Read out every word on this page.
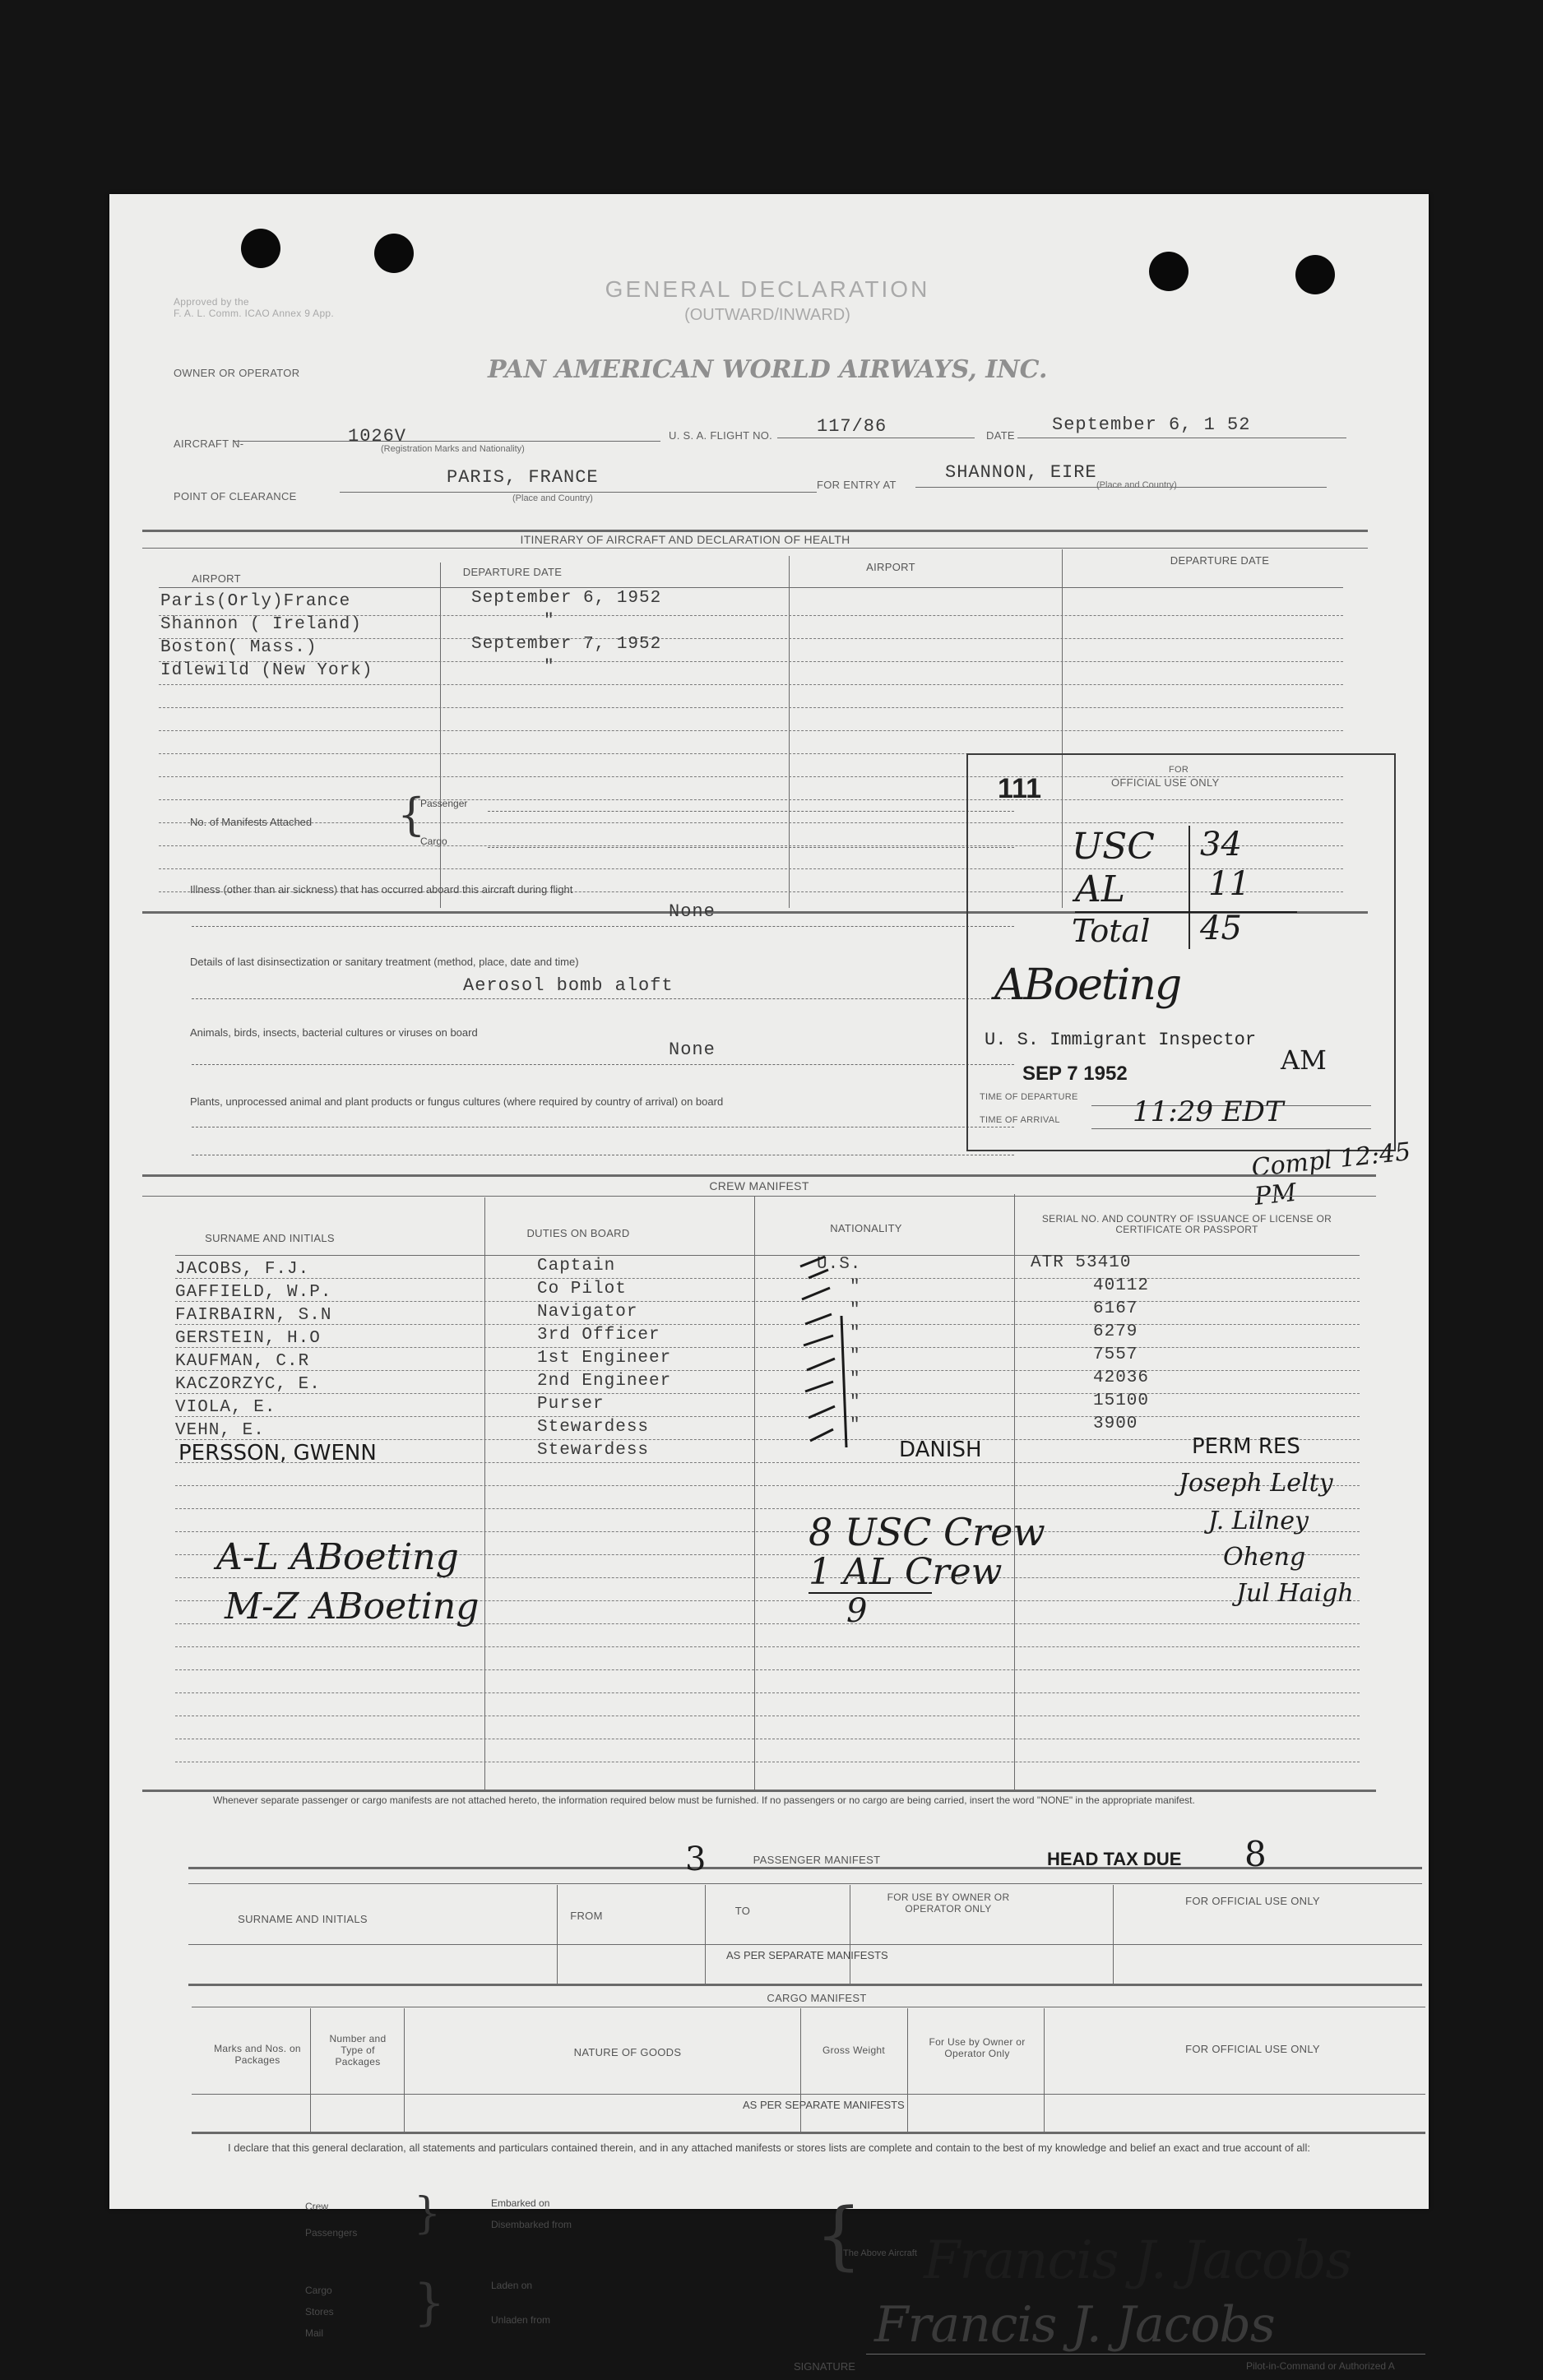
Approved by the
F. A. L. Comm. ICAO Annex 9 App.
GENERAL DECLARATION
(OUTWARD/INWARD)
OWNER OR OPERATOR	PAN AMERICAN WORLD AIRWAYS, INC.
AIRCRAFT N-	1026V
(Registration Marks and Nationality)
U. S. A. FLIGHT NO. 117/86	DATE
September 6, 1 52
POINT OF CLEARANCE
PARIS, FRANCE
(Place and Country)
FOR ENTRY AT
SHANNON, EIRE
(Place and Country)
ITINERARY OF AIRCRAFT AND DECLARATION OF HEALTH
AIRPORT
DEPARTURE DATE	AIRPORT
DEPARTURE DATE
Paris(Orly)France	September 6, 1952
Shannon ( Ireland)	"
Boston( Mass.)	September 7, 1952
Idlewild (New York)	"
No. of Manifests Attached {
Passenger
Cargo
Illness (other than air sickness) that has occurred aboard this aircraft during flight
None
Details of last disinsectization or sanitary treatment (method, place, date and time)
Aerosol bomb aloft
Animals, birds, insects, bacterial cultures or viruses on board
None
Plants, unprocessed animal and plant products or fungus cultures (where required by country of arrival) on board
111
FOR
OFFICIAL USE ONLY
USC 34
AL	11
Total 45
ABoeting
U. S. Immigrant Inspector
SEP 7 1952	AM
TIME OF DEPARTURE
TIME OF ARRIVAL	11:29 EDT
Compl 12:45 PM
CREW MANIFEST
SURNAME AND INITIALS	DUTIES ON BOARD	NATIONALITY
SERIAL NO. AND COUNTRY OF ISSUANCE OF LICENSE OR CERTIFICATE OR PASSPORT
JACOBS, F.J.	Captain	U.S.	ATR 53410
GAFFIELD, W.P.	Co Pilot	"	40112
FAIRBAIRN, S.N	Navigator	"	6167
GERSTEIN, H.O	3rd Officer	"	6279
KAUFMAN, C.R	1st Engineer	"	7557
KACZORZYC, E.	2nd Engineer	"	42036
VIOLA, E.	Purser	"	15100
VEHN, E.	Stewardess	"	3900
PERSSON, GWENN	Stewardess	DANISH	PERM RES
8 USC Crew
1 AL Crew
9
A-L ABoeting
M-Z ABoeting
Joseph Lelty
J. Lilney
Oheng
Jul Haigh
Whenever separate passenger or cargo manifests are not attached hereto, the information required below must be furnished. If no passengers or no cargo are being carried, insert the word "NONE" in the appropriate manifest.
3	PASSENGER MANIFEST	HEAD TAX DUE 8
SURNAME AND INITIALS	FROM	TO
FOR USE BY OWNER OR OPERATOR ONLY
FOR OFFICIAL USE ONLY
AS PER SEPARATE MANIFESTS
CARGO MANIFEST
Marks and Nos. on Packages
Number and Type of Packages
NATURE OF GOODS	Gross Weight
For Use by Owner or Operator Only	FOR OFFICIAL USE ONLY
AS PER SEPARATE MANIFESTS
I declare that this general declaration, all statements and particulars contained therein, and in any attached manifests or stores lists are complete and contain to the best of my knowledge and belief an exact and true account of all:
Crew
Passengers }	Embarked on
Disembarked from
Cargo
Stores
Mail
}	Laden on
Unladen from
{
The Above Aircraft Francis J. Jacobs
Francis J. Jacobs
SIGNATURE	Pilot-in-Command or Authorized A
